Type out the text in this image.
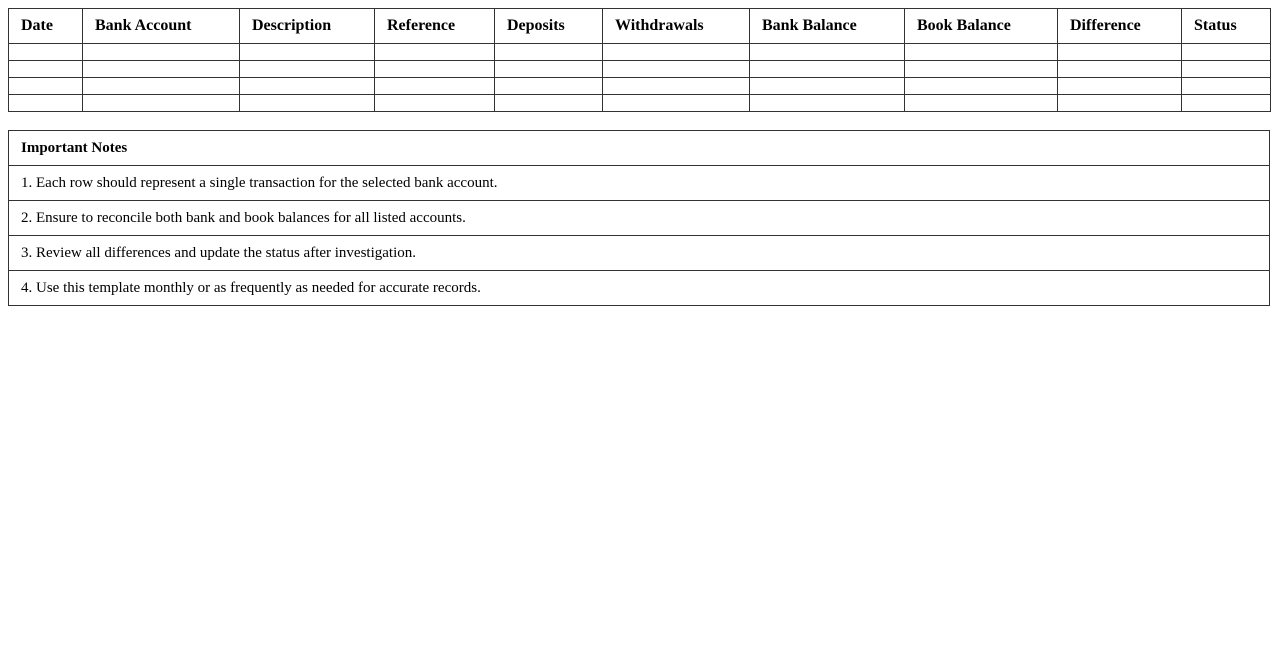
Date	Bank Account	Description	Reference	Deposits	Withdrawals	Bank Balance	Book Balance	Difference	Status

Important Notes
1. Each row should represent a single transaction for the selected bank account.
2. Ensure to reconcile both bank and book balances for all listed accounts.
3. Review all differences and update the status after investigation.
4. Use this template monthly or as frequently as needed for accurate records.
